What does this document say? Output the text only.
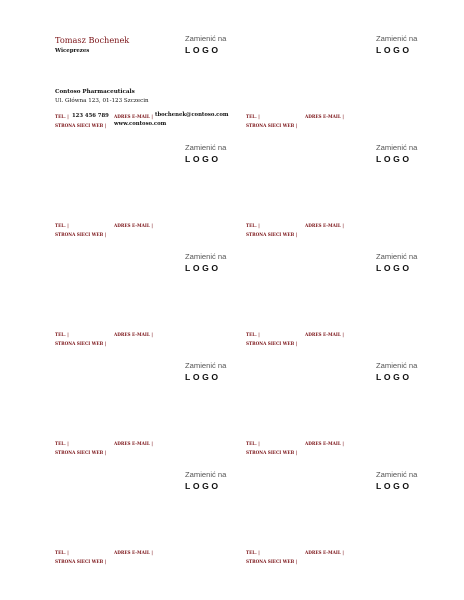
Tomasz Bochenek
Wiceprezes
Zamienić na
LOGO
Contoso Pharmaceuticals
Ul. Główna 123, 01-123 Szczecin
TEL. | 123 456 789
STRONA SIECI WEB |
ADRES E-MAIL | tbochenek@contoso.com
www.contoso.com
Zamienić na
LOGO
TEL. |
STRONA SIECI WEB |
ADRES E-MAIL |
Zamienić na
LOGO
TEL. |
STRONA SIECI WEB |
ADRES E-MAIL |
Zamienić na
LOGO
TEL. |
STRONA SIECI WEB |
ADRES E-MAIL |
Zamienić na
LOGO
TEL. |
STRONA SIECI WEB |
ADRES E-MAIL |
Zamienić na
LOGO
TEL. |
STRONA SIECI WEB |
ADRES E-MAIL |
Zamienić na
LOGO
TEL. |
STRONA SIECI WEB |
ADRES E-MAIL |
Zamienić na
LOGO
TEL. |
STRONA SIECI WEB |
ADRES E-MAIL |
Zamienić na
LOGO
TEL. |
STRONA SIECI WEB |
ADRES E-MAIL |
Zamienić na
LOGO
TEL. |
STRONA SIECI WEB |
ADRES E-MAIL |
